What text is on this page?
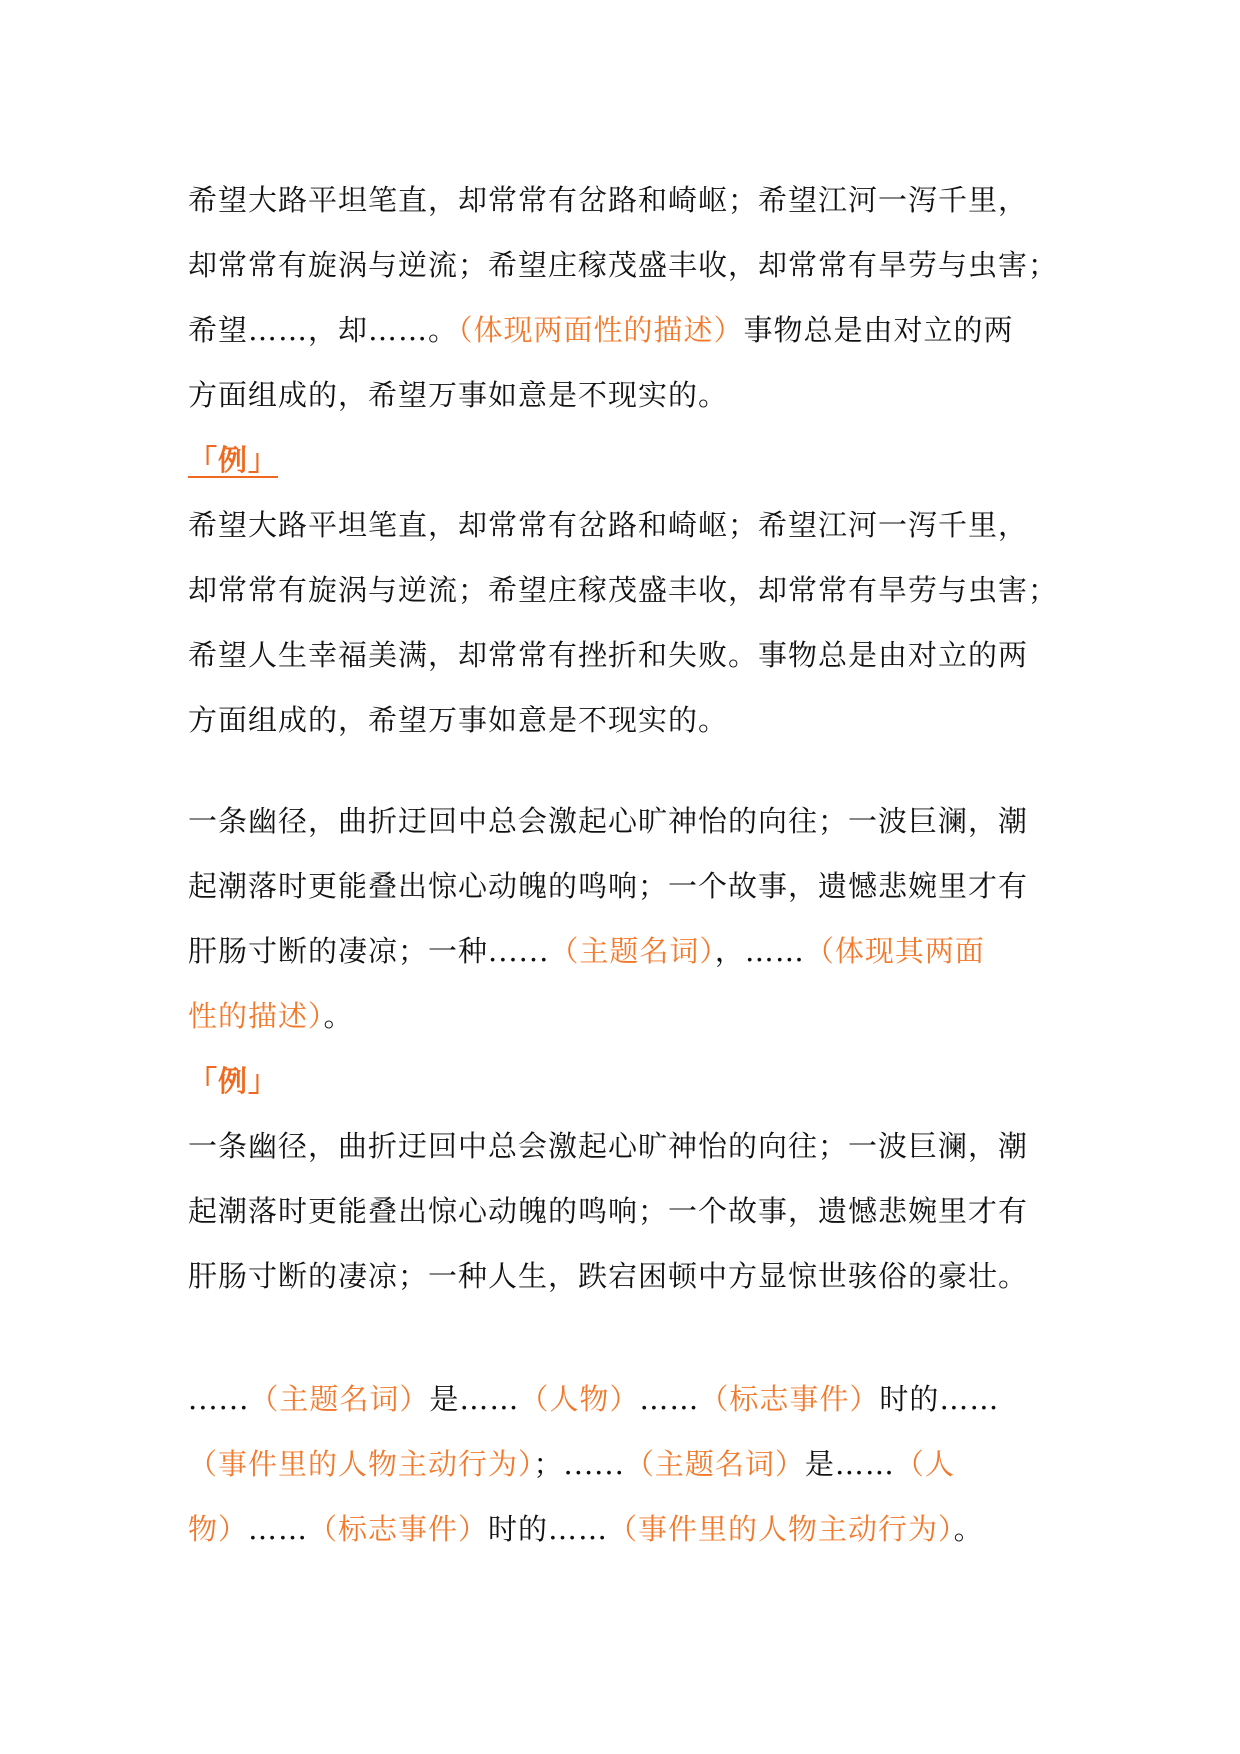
希望大路平坦笔直，却常常有岔路和崎岖；希望江河一泻千里，
却常常有旋涡与逆流；希望庄稼茂盛丰收，却常常有旱劳与虫害；
希望……，却……。（体现两面性的描述）事物总是由对立的两
方面组成的，希望万事如意是不现实的。
「例」
希望大路平坦笔直，却常常有岔路和崎岖；希望江河一泻千里，
却常常有旋涡与逆流；希望庄稼茂盛丰收，却常常有旱劳与虫害；
希望人生幸福美满，却常常有挫折和失败。事物总是由对立的两
方面组成的，希望万事如意是不现实的。
一条幽径，曲折迂回中总会激起心旷神怡的向往；一波巨澜，潮
起潮落时更能叠出惊心动魄的鸣响；一个故事，遗憾悲婉里才有
肝肠寸断的凄凉；一种......（主题名词），……（体现其两面
性的描述）。
「例」
一条幽径，曲折迂回中总会激起心旷神怡的向往；一波巨澜，潮
起潮落时更能叠出惊心动魄的鸣响；一个故事，遗憾悲婉里才有
肝肠寸断的凄凉；一种人生，跌宕困顿中方显惊世骇俗的豪壮。
......（主题名词）是……（人物）……（标志事件）时的……
（事件里的人物主动行为）；......（主题名词）是……（人
物）……（标志事件）时的……（事件里的人物主动行为）。
